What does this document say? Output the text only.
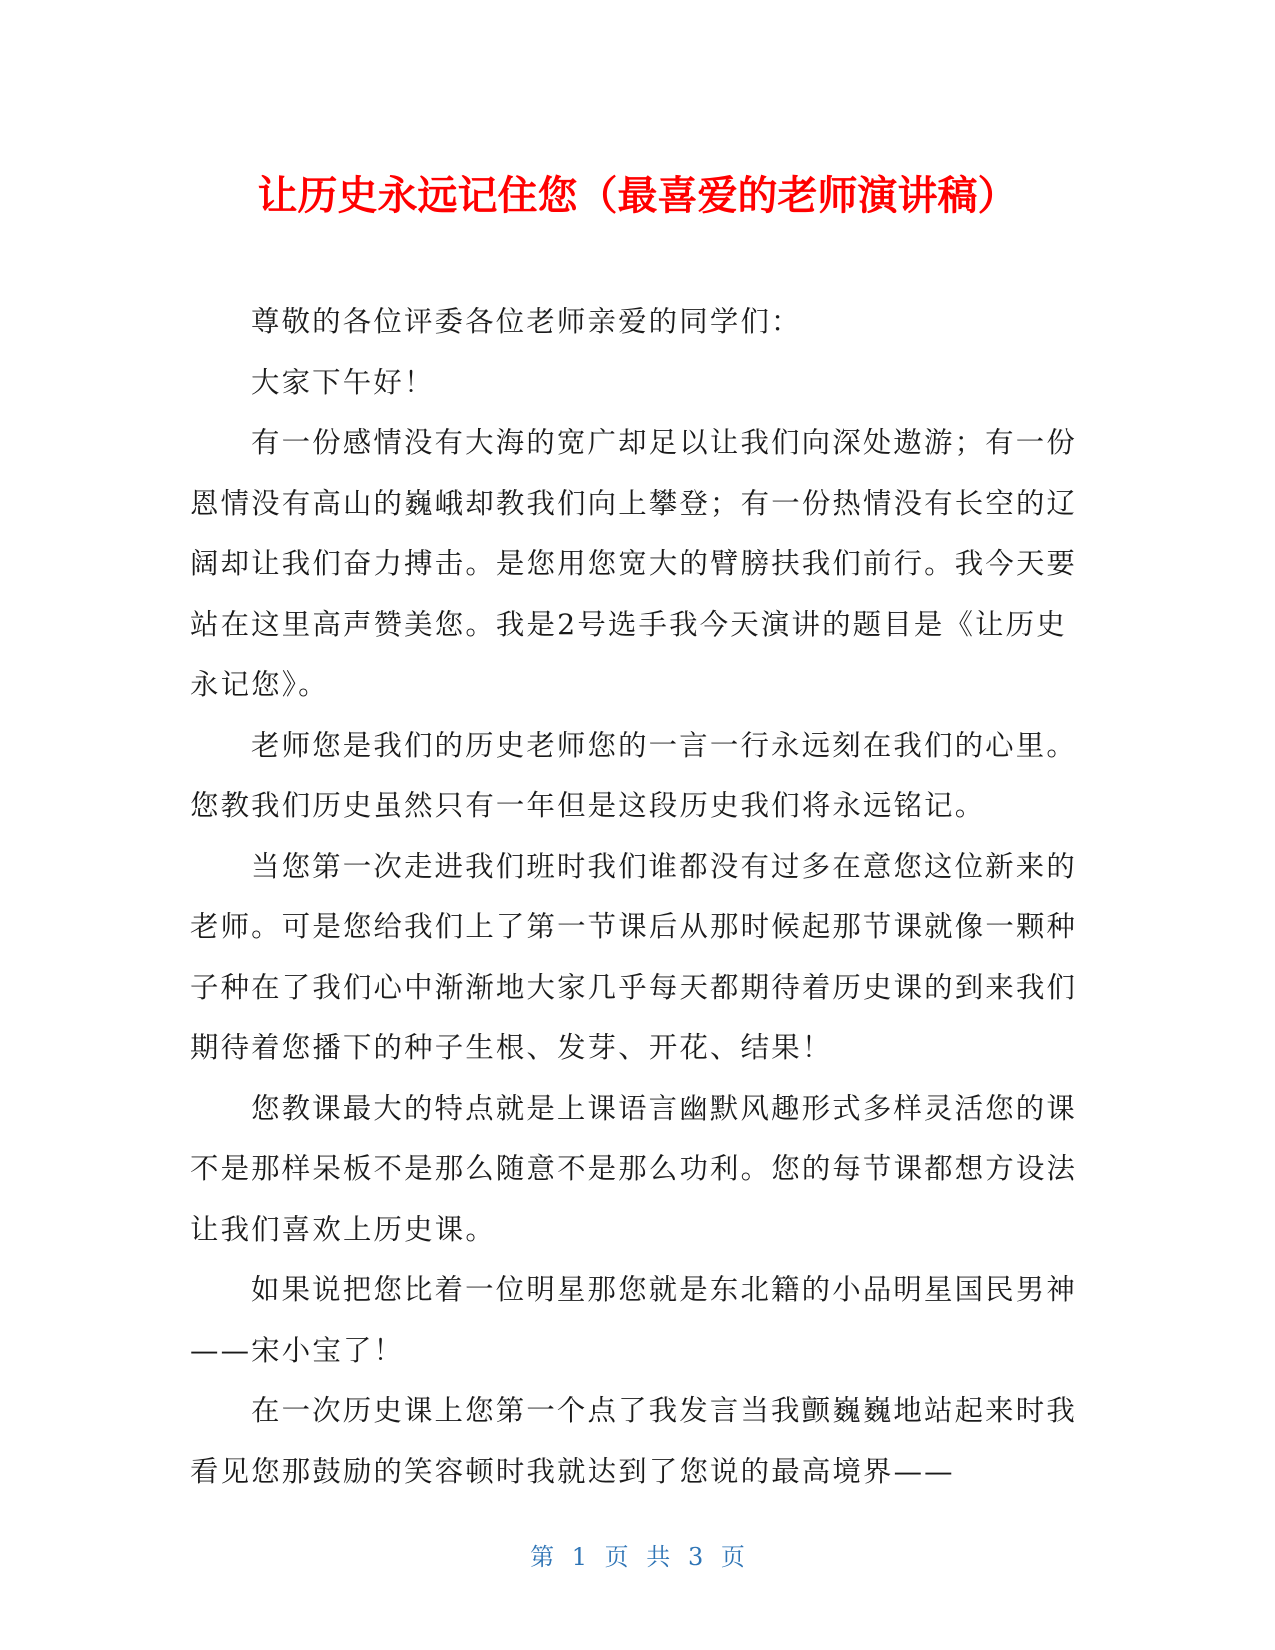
让历史永远记住您（最喜爱的老师演讲稿）

尊敬的各位评委各位老师亲爱的同学们：

大家下午好！

有一份感情没有大海的宽广却足以让我们向深处遨游；有一份恩情没有高山的巍峨却教我们向上攀登；有一份热情没有长空的辽阔却让我们奋力搏击。是您用您宽大的臂膀扶我们前行。我今天要站在这里高声赞美您。我是2号选手我今天演讲的题目是《让历史永记您》。

老师您是我们的历史老师您的一言一行永远刻在我们的心里。您教我们历史虽然只有一年但是这段历史我们将永远铭记。

当您第一次走进我们班时我们谁都没有过多在意您这位新来的老师。可是您给我们上了第一节课后从那时候起那节课就像一颗种子种在了我们心中渐渐地大家几乎每天都期待着历史课的到来我们期待着您播下的种子生根、发芽、开花、结果！

您教课最大的特点就是上课语言幽默风趣形式多样灵活您的课不是那样呆板不是那么随意不是那么功利。您的每节课都想方设法让我们喜欢上历史课。

如果说把您比着一位明星那您就是东北籍的小品明星国民男神——宋小宝了！

在一次历史课上您第一个点了我发言当我颤巍巍地站起来时我看见您那鼓励的笑容顿时我就达到了您说的最高境界——

第 1 页 共 3 页
